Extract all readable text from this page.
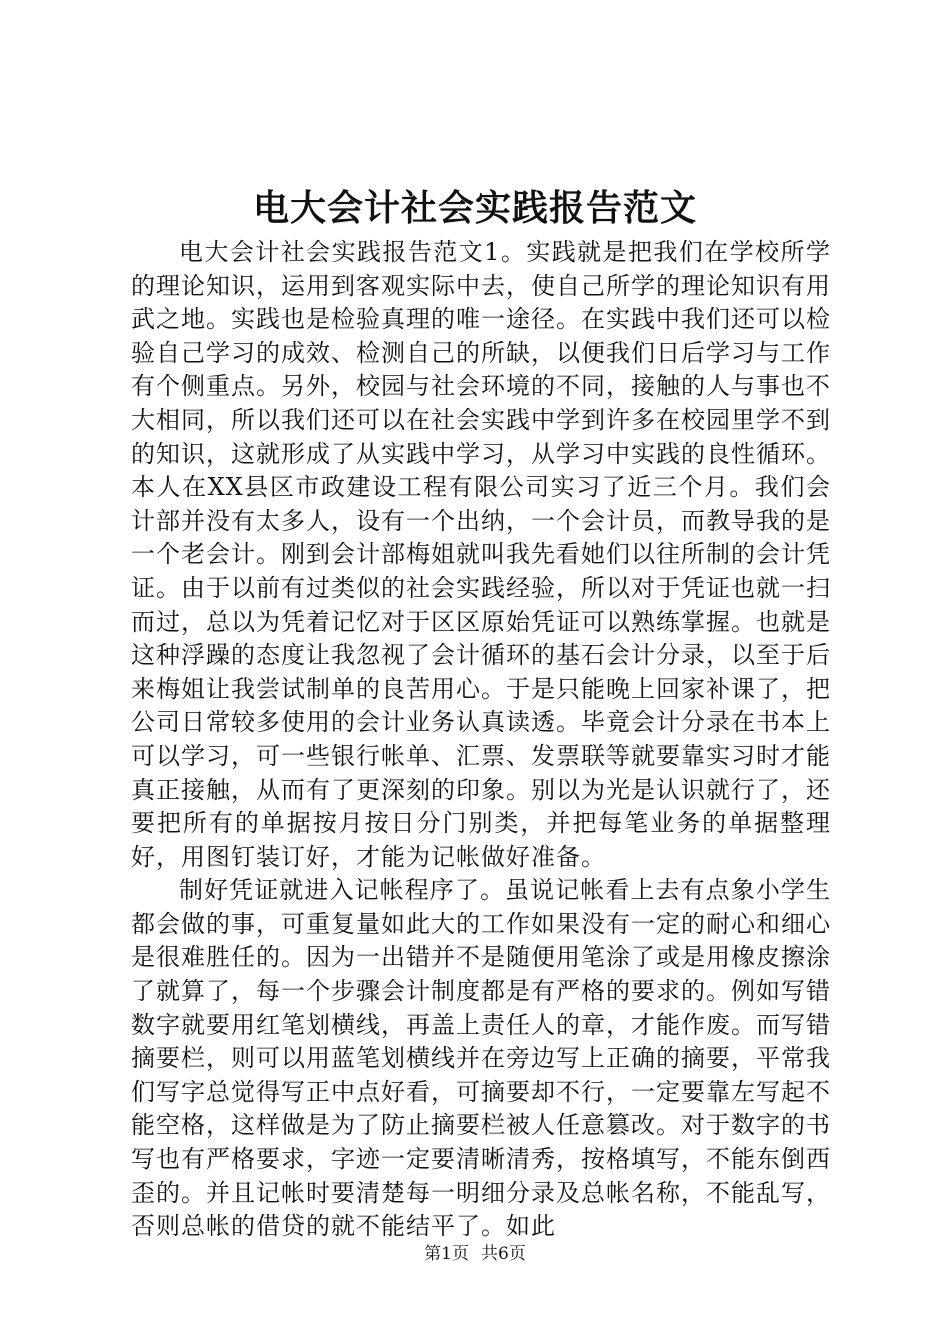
电大会计社会实践报告范文

电大会计社会实践报告范文1。实践就是把我们在学校所学的理论知识，运用到客观实际中去，使自己所学的理论知识有用武之地。实践也是检验真理的唯一途径。在实践中我们还可以检验自己学习的成效、检测自己的所缺，以便我们日后学习与工作有个侧重点。另外，校园与社会环境的不同，接触的人与事也不大相同，所以我们还可以在社会实践中学到许多在校园里学不到的知识，这就形成了从实践中学习，从学习中实践的良性循环。本人在XX县区市政建设工程有限公司实习了近三个月。我们会计部并没有太多人，设有一个出纳，一个会计员，而教导我的是一个老会计。刚到会计部梅姐就叫我先看她们以往所制的会计凭证。由于以前有过类似的社会实践经验，所以对于凭证也就一扫而过，总以为凭着记忆对于区区原始凭证可以熟练掌握。也就是这种浮躁的态度让我忽视了会计循环的基石会计分录，以至于后来梅姐让我尝试制单的良苦用心。于是只能晚上回家补课了，把公司日常较多使用的会计业务认真读透。毕竟会计分录在书本上可以学习，可一些银行帐单、汇票、发票联等就要靠实习时才能真正接触，从而有了更深刻的印象。别以为光是认识就行了，还要把所有的单据按月按日分门别类，并把每笔业务的单据整理好，用图钉装订好，才能为记帐做好准备。

制好凭证就进入记帐程序了。虽说记帐看上去有点象小学生都会做的事，可重复量如此大的工作如果没有一定的耐心和细心是很难胜任的。因为一出错并不是随便用笔涂了或是用橡皮擦涂了就算了，每一个步骤会计制度都是有严格的要求的。例如写错数字就要用红笔划横线，再盖上责任人的章，才能作废。而写错摘要栏，则可以用蓝笔划横线并在旁边写上正确的摘要，平常我们写字总觉得写正中点好看，可摘要却不行，一定要靠左写起不能空格，这样做是为了防止摘要栏被人任意篡改。对于数字的书写也有严格要求，字迹一定要清晰清秀，按格填写，不能东倒西歪的。并且记帐时要清楚每一明细分录及总帐名称，不能乱写，否则总帐的借贷的就不能结平了。如此

第1页 共6页
